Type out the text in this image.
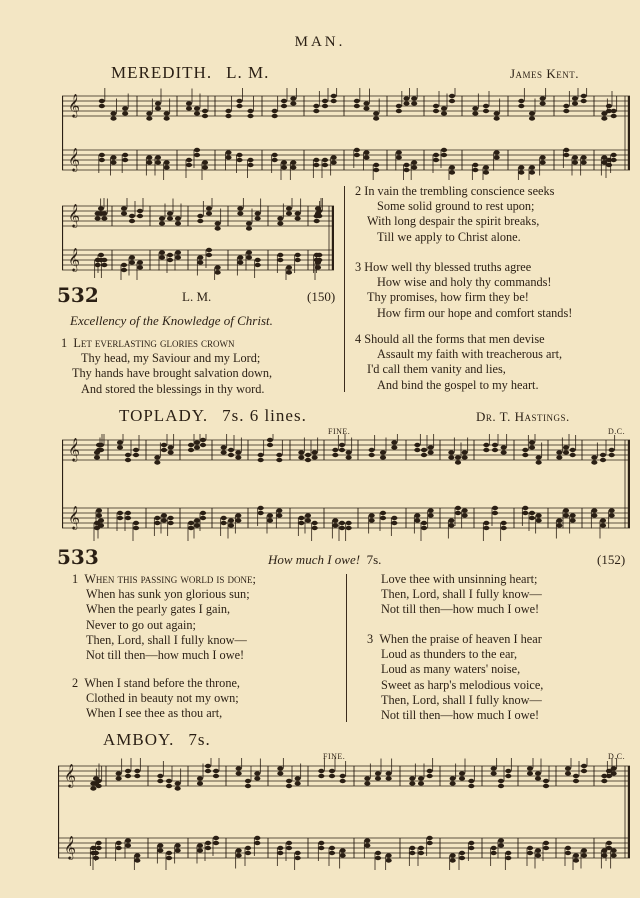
MAN.
MEREDITH. L. M.	James Kent.
𝄞
𝄞
𝄞
𝄞
532	L. M.	(150)
Excellency of the Knowledge of Christ.
1 Let everlasting glories crown
Thy head, my Saviour and my Lord;
Thy hands have brought salvation down,
And stored the blessings in thy word.
2 In vain the trembling conscience seeks
Some solid ground to rest upon;
With long despair the spirit breaks,
Till we apply to Christ alone.
3 How well thy blessed truths agree
How wise and holy thy commands!
Thy promises, how firm they be!
How firm our hope and comfort stands!
4 Should all the forms that men devise
Assault my faith with treacherous art,
I'd call them vanity and lies,
And bind the gospel to my heart.
TOPLADY. 7s. 6 lines.	Dr. T. Hastings.
FINE.	D.C.
𝄞
𝄞
533	How much I owe! 7s.	(152)
1 When this passing world is done;
When has sunk yon glorious sun;
When the pearly gates I gain,
Never to go out again;
Then, Lord, shall I fully know—
Not till then—how much I owe!
2 When I stand before the throne,
Clothed in beauty not my own;
When I see thee as thou art,
Love thee with unsinning heart;
Then, Lord, shall I fully know—
Not till then—how much I owe!
3 When the praise of heaven I hear
Loud as thunders to the ear,
Loud as many waters' noise,
Sweet as harp's melodious voice,
Then, Lord, shall I fully know—
Not till then—how much I owe!
AMBOY. 7s.
FINE.	D.C.
𝄞
𝄞
